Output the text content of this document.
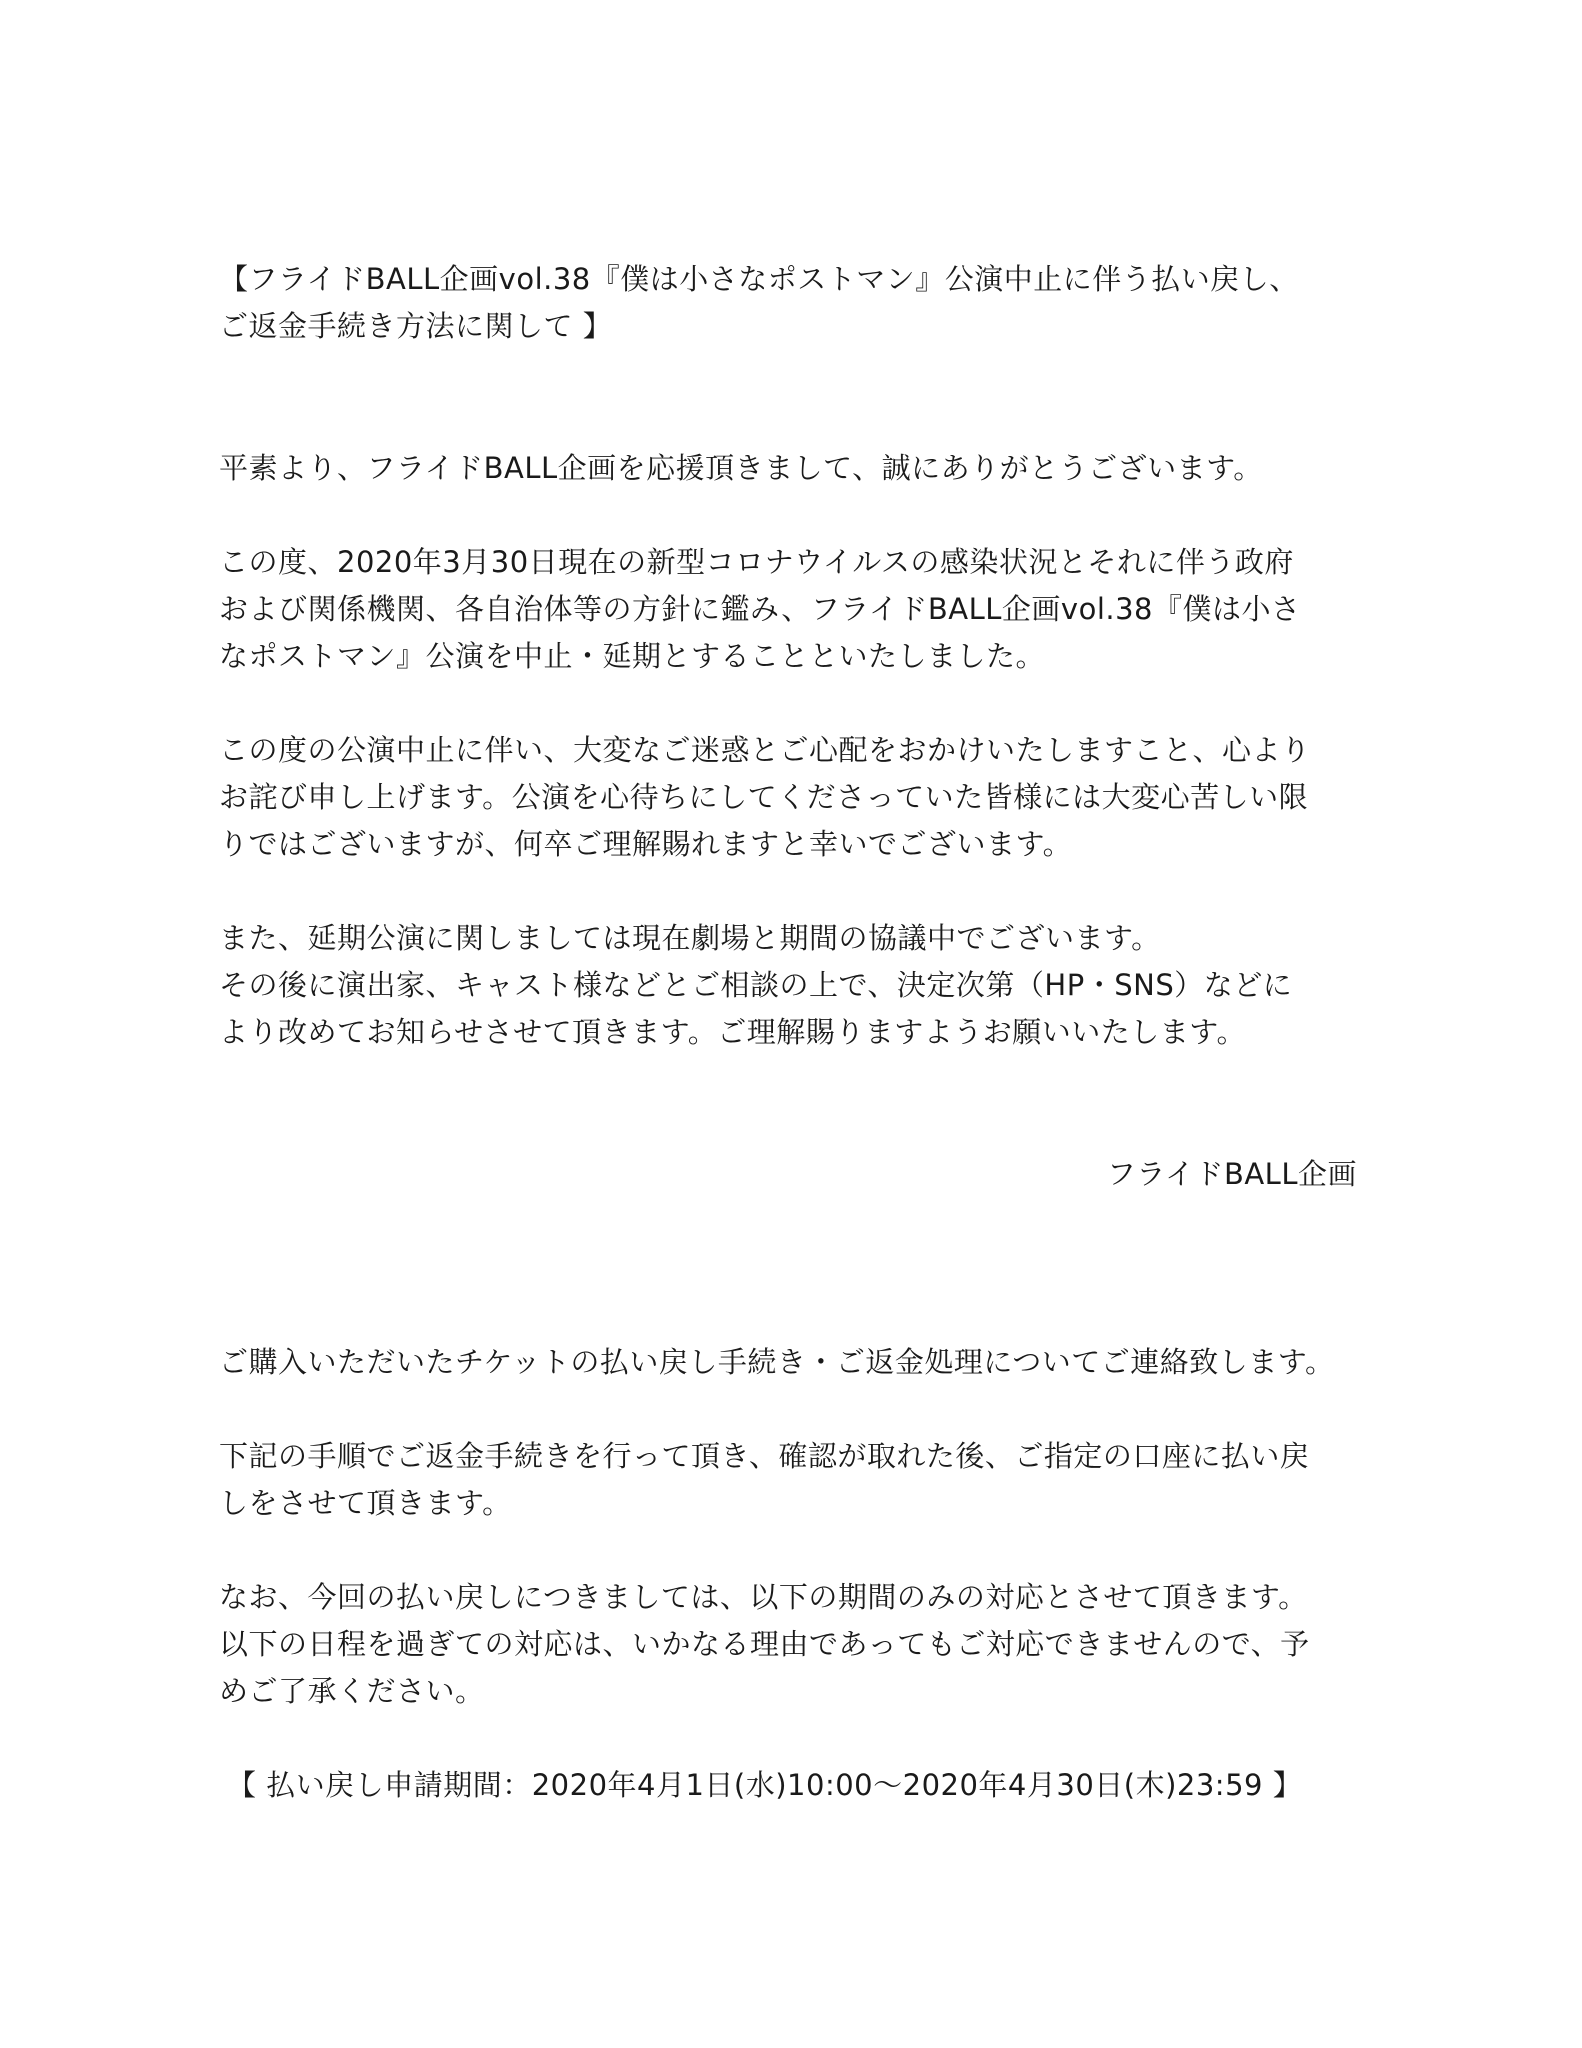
【フライドBALL企画vol.38『僕は小さなポストマン』公演中止に伴う払い戻し、
ご返金手続き方法に関して 】
平素より、フライドBALL企画を応援頂きまして、誠にありがとうございます。
この度、2020年3月30日現在の新型コロナウイルスの感染状況とそれに伴う政府
および関係機関、各自治体等の方針に鑑み、フライドBALL企画vol.38『僕は小さ
なポストマン』公演を中止・延期とすることといたしました。
この度の公演中止に伴い、大変なご迷惑とご心配をおかけいたしますこと、心より
お詫び申し上げます。公演を心待ちにしてくださっていた皆様には大変心苦しい限
りではございますが、何卒ご理解賜れますと幸いでございます。
また、延期公演に関しましては現在劇場と期間の協議中でございます。
その後に演出家、キャスト様などとご相談の上で、決定次第（HP・SNS）などに
より改めてお知らせさせて頂きます。ご理解賜りますようお願いいたします。
フライドBALL企画
ご購入いただいたチケットの払い戻し手続き・ご返金処理についてご連絡致します。
下記の手順でご返金手続きを行って頂き、確認が取れた後、ご指定の口座に払い戻
しをさせて頂きます。
なお、今回の払い戻しにつきましては、以下の期間のみの対応とさせて頂きます。
以下の日程を過ぎての対応は、いかなる理由であってもご対応できませんので、予
めご了承ください。
【 払い戻し申請期間：2020年4月1日(水)10:00〜2020年4月30日(木)23:59 】
